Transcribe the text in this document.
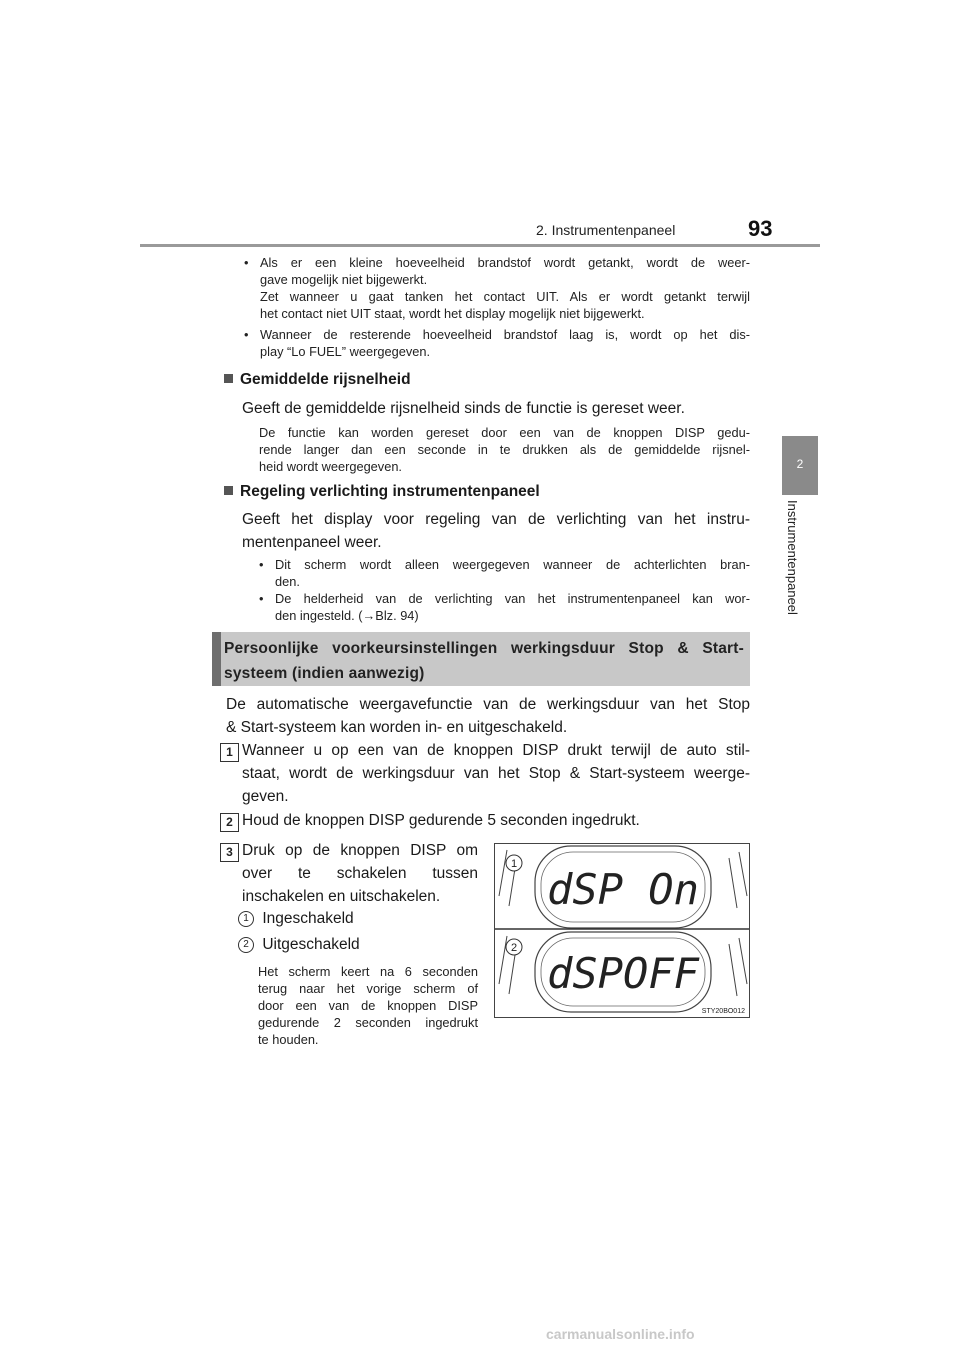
2. Instrumentenpaneel	93
2
Instrumentenpaneel
• Als er een kleine hoeveelheid brandstof wordt getankt, wordt de weer-
gave mogelijk niet bijgewerkt.
Zet wanneer u gaat tanken het contact UIT. Als er wordt getankt terwijl
het contact niet UIT staat, wordt het display mogelijk niet bijgewerkt.
• Wanneer de resterende hoeveelheid brandstof laag is, wordt op het dis-
play “Lo FUEL” weergegeven.
Gemiddelde rijsnelheid
Geeft de gemiddelde rijsnelheid sinds de functie is gereset weer.
De functie kan worden gereset door een van de knoppen DISP gedu-
rende langer dan een seconde in te drukken als de gemiddelde rijsnel-
heid wordt weergegeven.
Regeling verlichting instrumentenpaneel
Geeft het display voor regeling van de verlichting van het instru-
mentenpaneel weer.
• Dit scherm wordt alleen weergegeven wanneer de achterlichten bran-
den.
• De helderheid van de verlichting van het instrumentenpaneel kan wor-
den ingesteld. (→Blz. 94)
Persoonlijke voorkeursinstellingen werkingsduur Stop & Start-
systeem (indien aanwezig)
De automatische weergavefunctie van de werkingsduur van het Stop
& Start-systeem kan worden in- en uitgeschakeld.
1 Wanneer u op een van de knoppen DISP drukt terwijl de auto stil-
staat, wordt de werkingsduur van het Stop & Start-systeem weerge-
geven.
2 Houd de knoppen DISP gedurende 5 seconden ingedrukt.
3 Druk op de knoppen DISP om
over te schakelen tussen
inschakelen en uitschakelen.
1 Ingeschakeld
2 Uitgeschakeld
Het scherm keert na 6 seconden
terug naar het vorige scherm of
door een van de knoppen DISP
gedurende 2 seconden ingedrukt
te houden.
dSP On
dSPOFF
1
2
STY20BO012
carmanualsonline.info
